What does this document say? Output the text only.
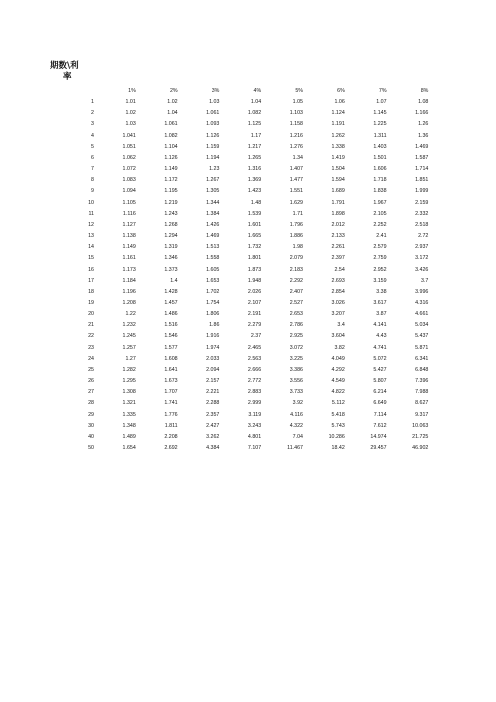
期数\利
率
	1%	2%	3%	4%	5%	6%	7%	8%
1	1.01	1.02	1.03	1.04	1.05	1.06	1.07	1.08
2	1.02	1.04	1.061	1.082	1.103	1.124	1.145	1.166
3	1.03	1.061	1.093	1.125	1.158	1.191	1.225	1.26
4	1.041	1.082	1.126	1.17	1.216	1.262	1.311	1.36
5	1.051	1.104	1.159	1.217	1.276	1.338	1.403	1.469
6	1.062	1.126	1.194	1.265	1.34	1.419	1.501	1.587
7	1.072	1.149	1.23	1.316	1.407	1.504	1.606	1.714
8	1.083	1.172	1.267	1.369	1.477	1.594	1.718	1.851
9	1.094	1.195	1.305	1.423	1.551	1.689	1.838	1.999
10	1.105	1.219	1.344	1.48	1.629	1.791	1.967	2.159
11	1.116	1.243	1.384	1.539	1.71	1.898	2.105	2.332
12	1.127	1.268	1.426	1.601	1.796	2.012	2.252	2.518
13	1.138	1.294	1.469	1.665	1.886	2.133	2.41	2.72
14	1.149	1.319	1.513	1.732	1.98	2.261	2.579	2.937
15	1.161	1.346	1.558	1.801	2.079	2.397	2.759	3.172
16	1.173	1.373	1.605	1.873	2.183	2.54	2.952	3.426
17	1.184	1.4	1.653	1.948	2.292	2.693	3.159	3.7
18	1.196	1.428	1.702	2.026	2.407	2.854	3.38	3.996
19	1.208	1.457	1.754	2.107	2.527	3.026	3.617	4.316
20	1.22	1.486	1.806	2.191	2.653	3.207	3.87	4.661
21	1.232	1.516	1.86	2.279	2.786	3.4	4.141	5.034
22	1.245	1.546	1.916	2.37	2.925	3.604	4.43	5.437
23	1.257	1.577	1.974	2.465	3.072	3.82	4.741	5.871
24	1.27	1.608	2.033	2.563	3.225	4.049	5.072	6.341
25	1.282	1.641	2.094	2.666	3.386	4.292	5.427	6.848
26	1.295	1.673	2.157	2.772	3.556	4.549	5.807	7.396
27	1.308	1.707	2.221	2.883	3.733	4.822	6.214	7.988
28	1.321	1.741	2.288	2.999	3.92	5.112	6.649	8.627
29	1.335	1.776	2.357	3.119	4.116	5.418	7.114	9.317
30	1.348	1.811	2.427	3.243	4.322	5.743	7.612	10.063
40	1.489	2.208	3.262	4.801	7.04	10.286	14.974	21.725
50	1.654	2.692	4.384	7.107	11.467	18.42	29.457	46.902
